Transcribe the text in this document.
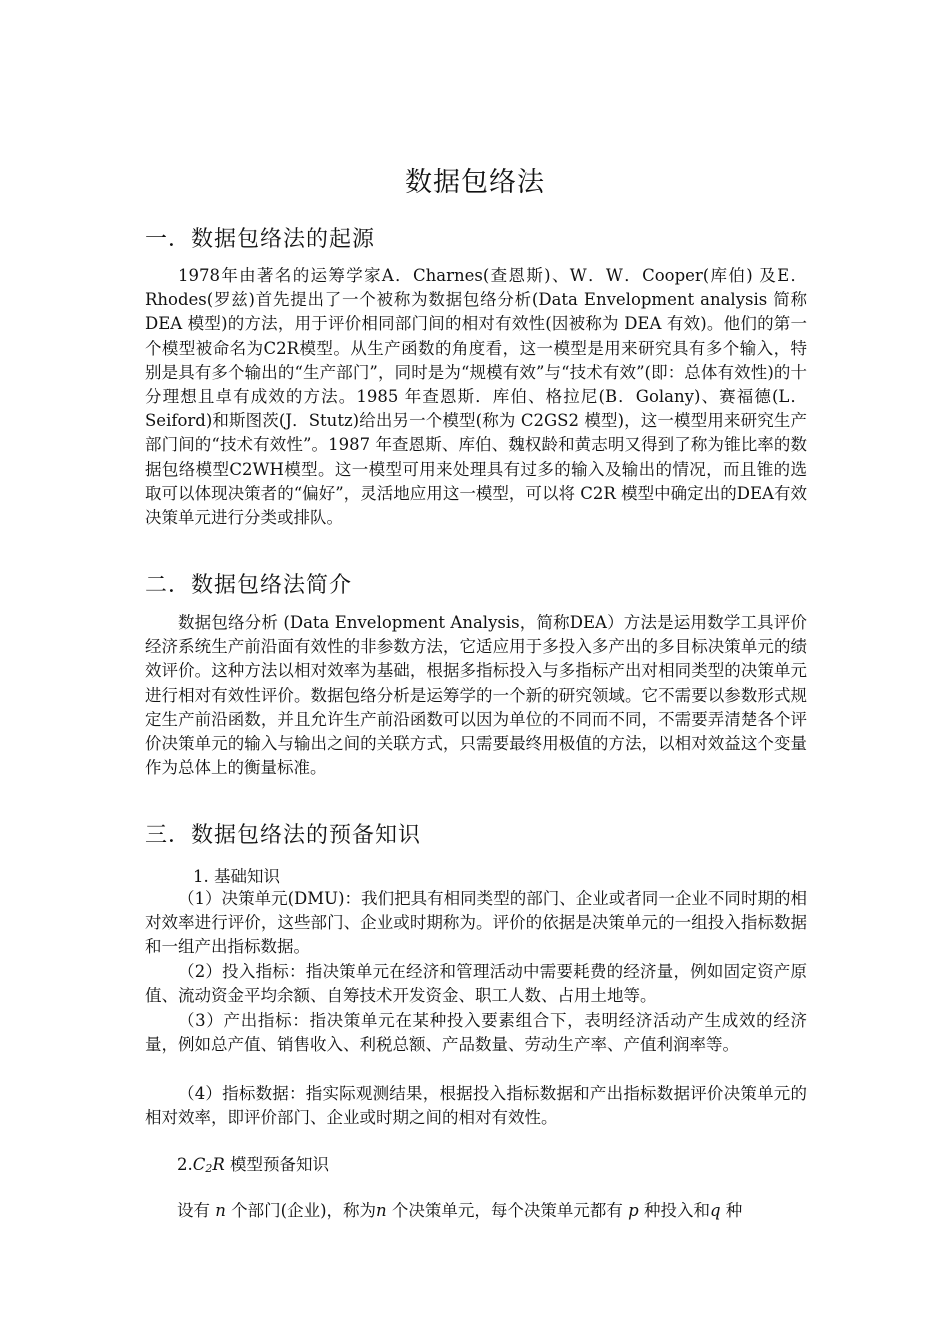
数据包络法
一．数据包络法的起源

1978年由著名的运筹学家A．Charnes(查恩斯)、W．W．Cooper(库伯) 及E．Rhodes(罗兹)首先提出了一个被称为数据包络分析(Data Envelopment analysis 简称 DEA 模型)的方法，用于评价相同部门间的相对有效性(因被称为 DEA 有效)。他们的第一个模型被命名为C2R模型。从生产函数的角度看，这一模型是用来研究具有多个输入，特别是具有多个输出的“生产部门”，同时是为“规模有效”与“技术有效”(即：总体有效性)的十分理想且卓有成效的方法。1985 年查恩斯．库伯、格拉尼(B．Golany)、赛福德(L．Seiford)和斯图茨(J．Stutz)给出另一个模型(称为 C2GS2 模型)，这一模型用来研究生产部门间的“技术有效性”。1987 年查恩斯、库伯、魏权龄和黄志明又得到了称为锥比率的数据包络模型C2WH模型。这一模型可用来处理具有过多的输入及输出的情况，而且锥的选取可以体现决策者的“偏好”，灵活地应用这一模型，可以将 C2R 模型中确定出的DEA有效决策单元进行分类或排队。

二．数据包络法简介

数据包络分析 (Data Envelopment Analysis，简称DEA）方法是运用数学工具评价经济系统生产前沿面有效性的非参数方法，它适应用于多投入多产出的多目标决策单元的绩效评价。这种方法以相对效率为基础，根据多指标投入与多指标产出对相同类型的决策单元进行相对有效性评价。数据包络分析是运筹学的一个新的研究领域。它不需要以参数形式规定生产前沿函数，并且允许生产前沿函数可以因为单位的不同而不同，不需要弄清楚各个评价决策单元的输入与输出之间的关联方式，只需要最终用极值的方法，以相对效益这个变量作为总体上的衡量标准。

三．数据包络法的预备知识
1. 基础知识

（1）决策单元(DMU)：我们把具有相同类型的部门、企业或者同一企业不同时期的相对效率进行评价，这些部门、企业或时期称为。评价的依据是决策单元的一组投入指标数据和一组产出指标数据。

（2）投入指标：指决策单元在经济和管理活动中需要耗费的经济量，例如固定资产原值、流动资金平均余额、自筹技术开发资金、职工人数、占用土地等。

（3）产出指标：指决策单元在某种投入要素组合下，表明经济活动产生成效的经济量，例如总产值、销售收入、利税总额、产品数量、劳动生产率、产值利润率等。

（4）指标数据：指实际观测结果，根据投入指标数据和产出指标数据评价决策单元的相对效率，即评价部门、企业或时期之间的相对有效性。

2.C2R 模型预备知识
设有 n 个部门(企业)，称为n 个决策单元，每个决策单元都有 p 种投入和q 种
